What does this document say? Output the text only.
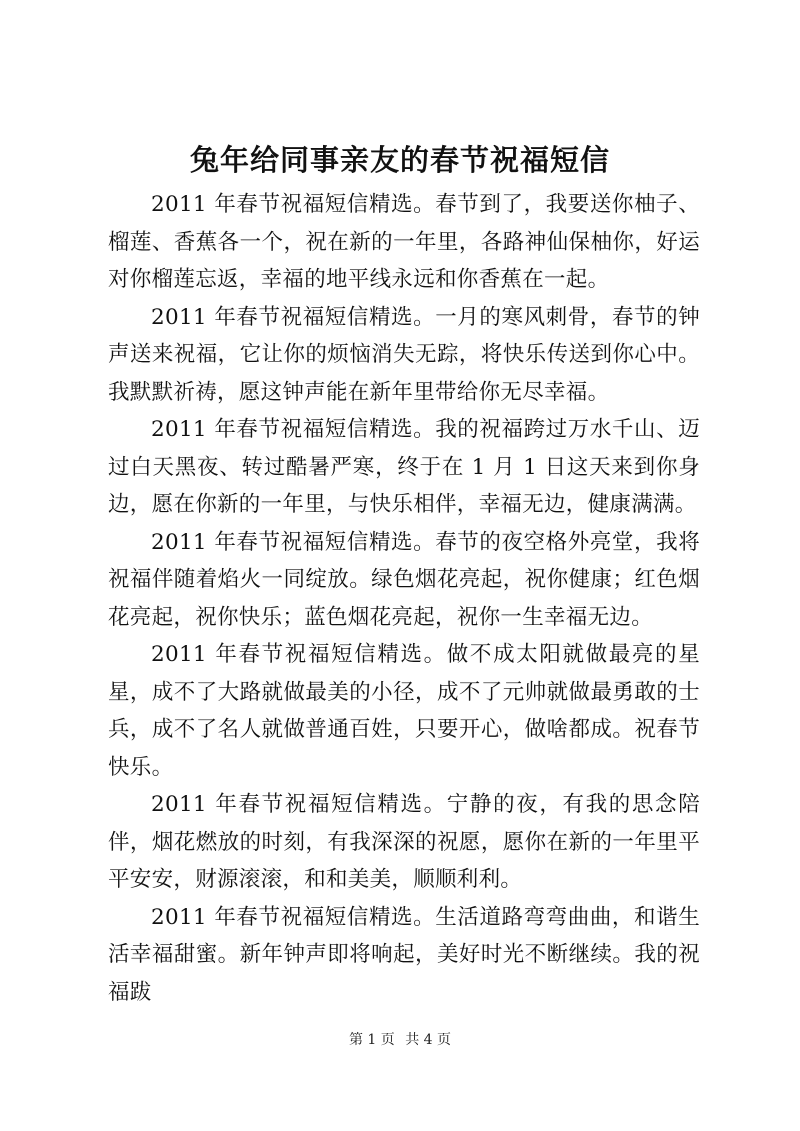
兔年给同事亲友的春节祝福短信

2011 年春节祝福短信精选。春节到了，我要送你柚子、榴莲、香蕉各一个，祝在新的一年里，各路神仙保柚你，好运对你榴莲忘返，幸福的地平线永远和你香蕉在一起。

2011 年春节祝福短信精选。一月的寒风刺骨，春节的钟声送来祝福，它让你的烦恼消失无踪，将快乐传送到你心中。我默默祈祷，愿这钟声能在新年里带给你无尽幸福。

2011 年春节祝福短信精选。我的祝福跨过万水千山、迈过白天黑夜、转过酷暑严寒，终于在 1 月 1 日这天来到你身边，愿在你新的一年里，与快乐相伴，幸福无边，健康满满。

2011 年春节祝福短信精选。春节的夜空格外亮堂，我将祝福伴随着焰火一同绽放。绿色烟花亮起，祝你健康；红色烟花亮起，祝你快乐；蓝色烟花亮起，祝你一生幸福无边。

2011 年春节祝福短信精选。做不成太阳就做最亮的星星，成不了大路就做最美的小径，成不了元帅就做最勇敢的士兵，成不了名人就做普通百姓，只要开心，做啥都成。祝春节快乐。

2011 年春节祝福短信精选。宁静的夜，有我的思念陪伴，烟花燃放的时刻，有我深深的祝愿，愿你在新的一年里平平安安，财源滚滚，和和美美，顺顺利利。

2011 年春节祝福短信精选。生活道路弯弯曲曲，和谐生活幸福甜蜜。新年钟声即将响起，美好时光不断继续。我的祝福跋

第 1 页 共 4 页
